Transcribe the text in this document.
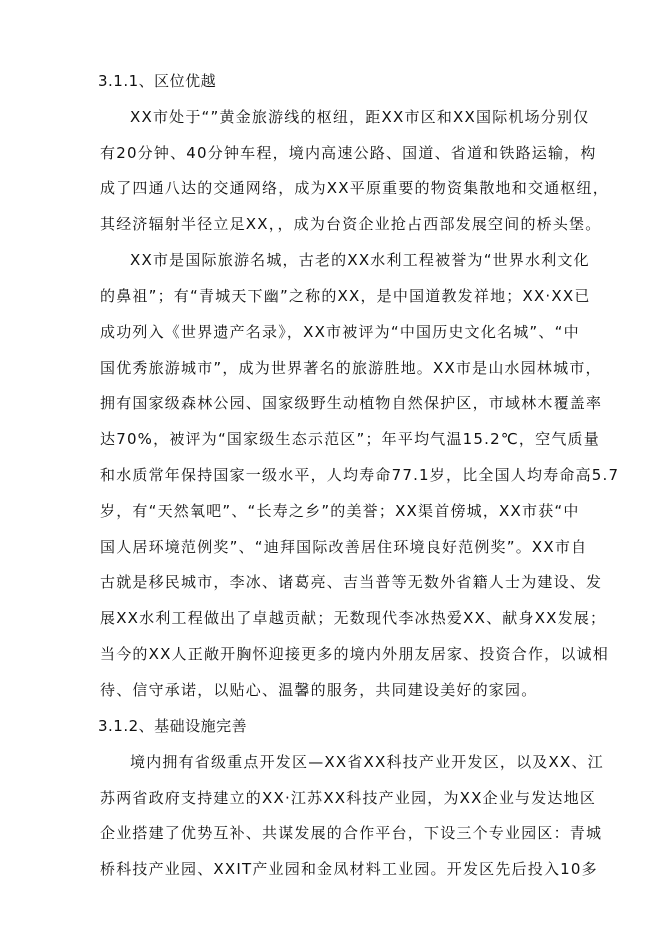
3.1.1、区位优越
XX市处于“”黄金旅游线的枢纽，距XX市区和XX国际机场分别仅
有20分钟、40分钟车程，境内高速公路、国道、省道和铁路运输，构
成了四通八达的交通网络，成为XX平原重要的物资集散地和交通枢纽，
其经济辐射半径立足XX，，成为台资企业抢占西部发展空间的桥头堡。
XX市是国际旅游名城，古老的XX水利工程被誉为“世界水利文化
的鼻祖”；有“青城天下幽”之称的XX，是中国道教发祥地；XX·XX已
成功列入《世界遗产名录》，XX市被评为“中国历史文化名城”、“中
国优秀旅游城市”，成为世界著名的旅游胜地。XX市是山水园林城市，
拥有国家级森林公园、国家级野生动植物自然保护区，市域林木覆盖率
达70%，被评为“国家级生态示范区”；年平均气温15.2℃，空气质量
和水质常年保持国家一级水平，人均寿命77.1岁，比全国人均寿命高5.7
岁，有“天然氧吧”、“长寿之乡”的美誉；XX渠首傍城，XX市获“中
国人居环境范例奖”、“迪拜国际改善居住环境良好范例奖”。XX市自
古就是移民城市，李冰、诸葛亮、吉当普等无数外省籍人士为建设、发
展XX水利工程做出了卓越贡献；无数现代李冰热爱XX、献身XX发展；
当今的XX人正敞开胸怀迎接更多的境内外朋友居家、投资合作，以诚相
待、信守承诺，以贴心、温馨的服务，共同建设美好的家园。
3.1.2、基础设施完善
境内拥有省级重点开发区—XX省XX科技产业开发区，以及XX、江
苏两省政府支持建立的XX·江苏XX科技产业园，为XX企业与发达地区
企业搭建了优势互补、共谋发展的合作平台，下设三个专业园区：青城
桥科技产业园、XXIT产业园和金凤材料工业园。开发区先后投入10多
